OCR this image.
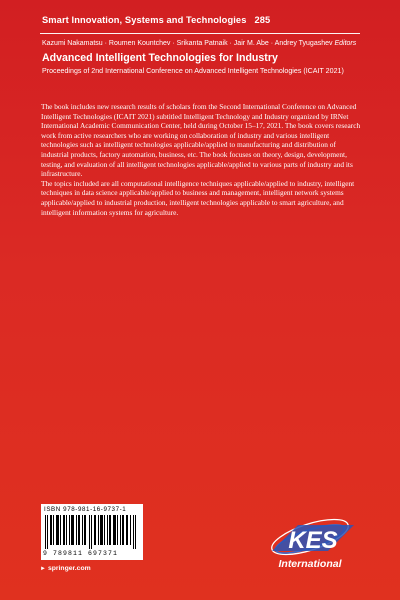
Smart Innovation, Systems and Technologies 285
Kazumi Nakamatsu · Roumen Kountchev · Srikanta Patnaik · Jair M. Abe · Andrey Tyugashev Editors
Advanced Intelligent Technologies for Industry
Proceedings of 2nd International Conference on Advanced Intelligent Technologies (ICAIT 2021)

The book includes new research results of scholars from the Second International Conference on Advanced Intelligent Technologies (ICAIT 2021) subtitled Intelligent Technology and Industry organized by IRNet International Academic Communication Center, held during October 15–17, 2021. The book covers research work from active researchers who are working on collaboration of industry and various intelligent technologies such as intelligent technologies applicable/applied to manufacturing and distribution of industrial products, factory automation, business, etc. The book focuses on theory, design, development, testing, and evaluation of all intelligent technologies applicable/applied to various parts of industry and its infrastructure.

The topics included are all computational intelligence techniques applicable/applied to industry, intelligent techniques in data science applicable/applied to business and management, intelligent network systems applicable/applied to industrial production, intelligent technologies applicable to smart agriculture, and intelligent information systems for agriculture.

ISBN 978-981-16-9737-1
9 789811 697371
► springer.com
KES
International
